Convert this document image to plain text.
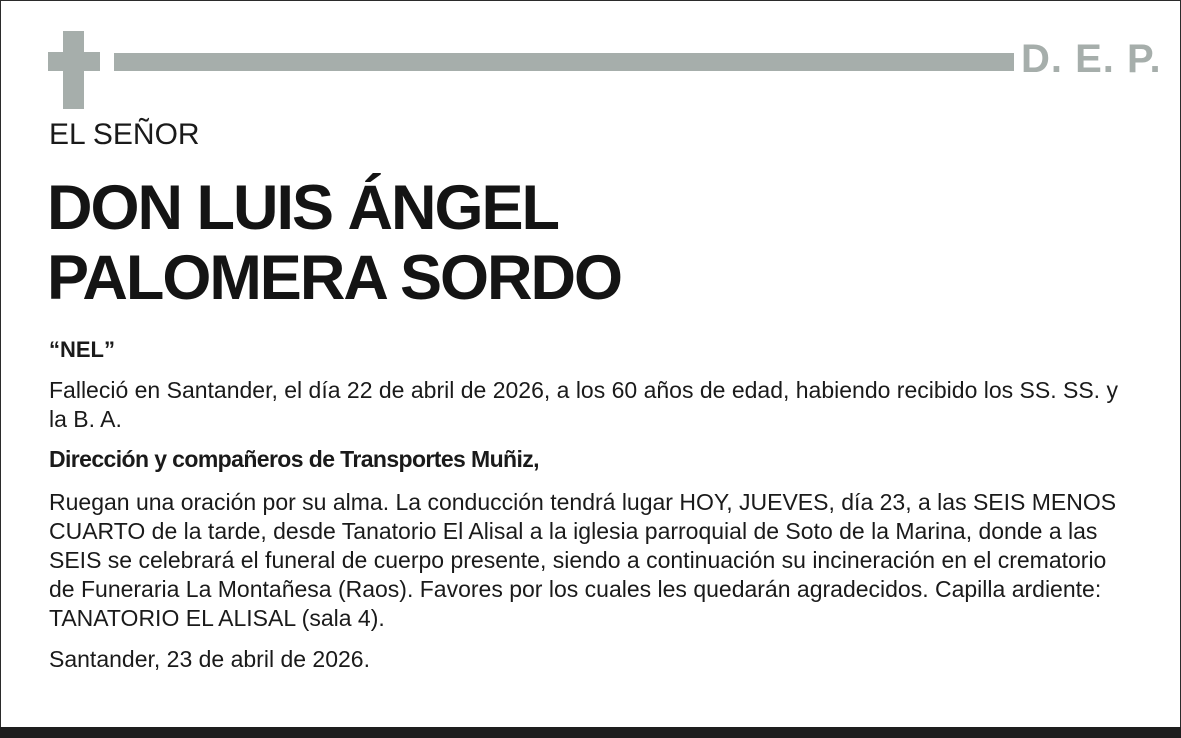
D. E. P.
EL SEÑOR
DON LUIS ÁNGEL
PALOMERA SORDO
“NEL”
Falleció en Santander, el día 22 de abril de 2026, a los 60 años de edad, habiendo recibido los SS. SS. y la B. A.
Dirección y compañeros de Transportes Muñiz,
Ruegan una oración por su alma. La conducción tendrá lugar HOY, JUEVES, día 23, a las SEIS MENOS CUARTO de la tarde, desde Tanatorio El Alisal a la iglesia parroquial de Soto de la Marina, donde a las SEIS se celebrará el funeral de cuerpo presente, siendo a continuación su incineración en el crematorio de Funeraria La Montañesa (Raos). Favores por los cuales les quedarán agradecidos. Capilla ardiente: TANATORIO EL ALISAL (sala 4).
Santander, 23 de abril de 2026.
